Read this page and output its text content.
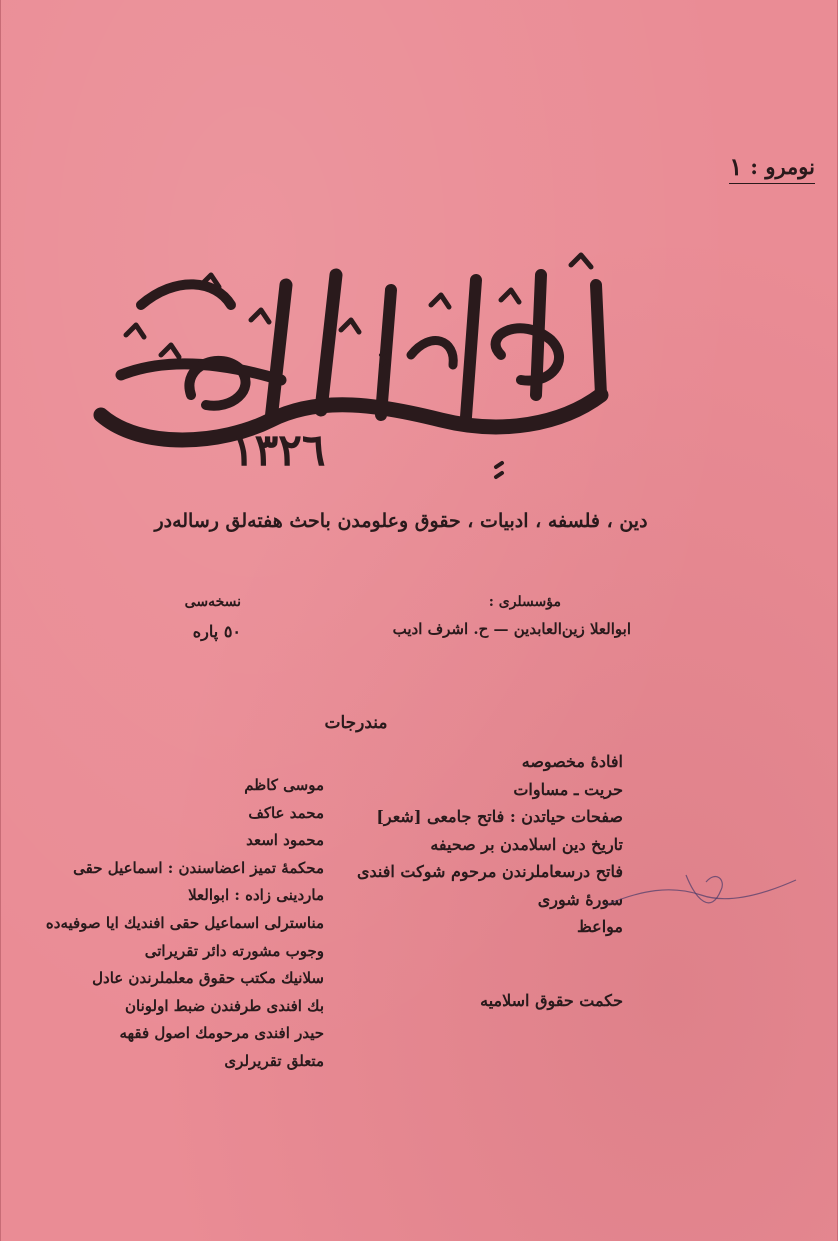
نومرو :
١
١٣٢٦
دين ، فلسفه ، ادبيات ، حقوق وعلومدن باحث هفته‌لق رساله‌در
مؤسسلرى :
ابوالعلا زين‌العابدين — ح. اشرف اديب
نسخه‌سى
٥٠ پاره
مندرجات
افادۀ مخصوصه
حريت ـ مساوات
صفحات حياتدن : فاتح جامعى [شعر]
تاريخ دين اسلامدن بر صحيفه
فاتح درسعاملرندن مرحوم شوكت افندى
سورۀ شورى
مواعظ
حكمت حقوق اسلاميه
موسى كاظم
محمد عاكف
محمود اسعد
محكمۀ تميز اعضاسندن : اسماعيل حقى
ماردينى زاده : ابوالعلا
مناسترلى اسماعيل حقى افنديك ايا صوفيه‌ده
وجوب مشورتە دائر تقريراتى
سلانيك مكتب حقوق معلملرندن عادل
بك افندى طرفندن ضبط اولونان
حيدر افندى مرحومك اصول فقهه
متعلق تقريرلرى
